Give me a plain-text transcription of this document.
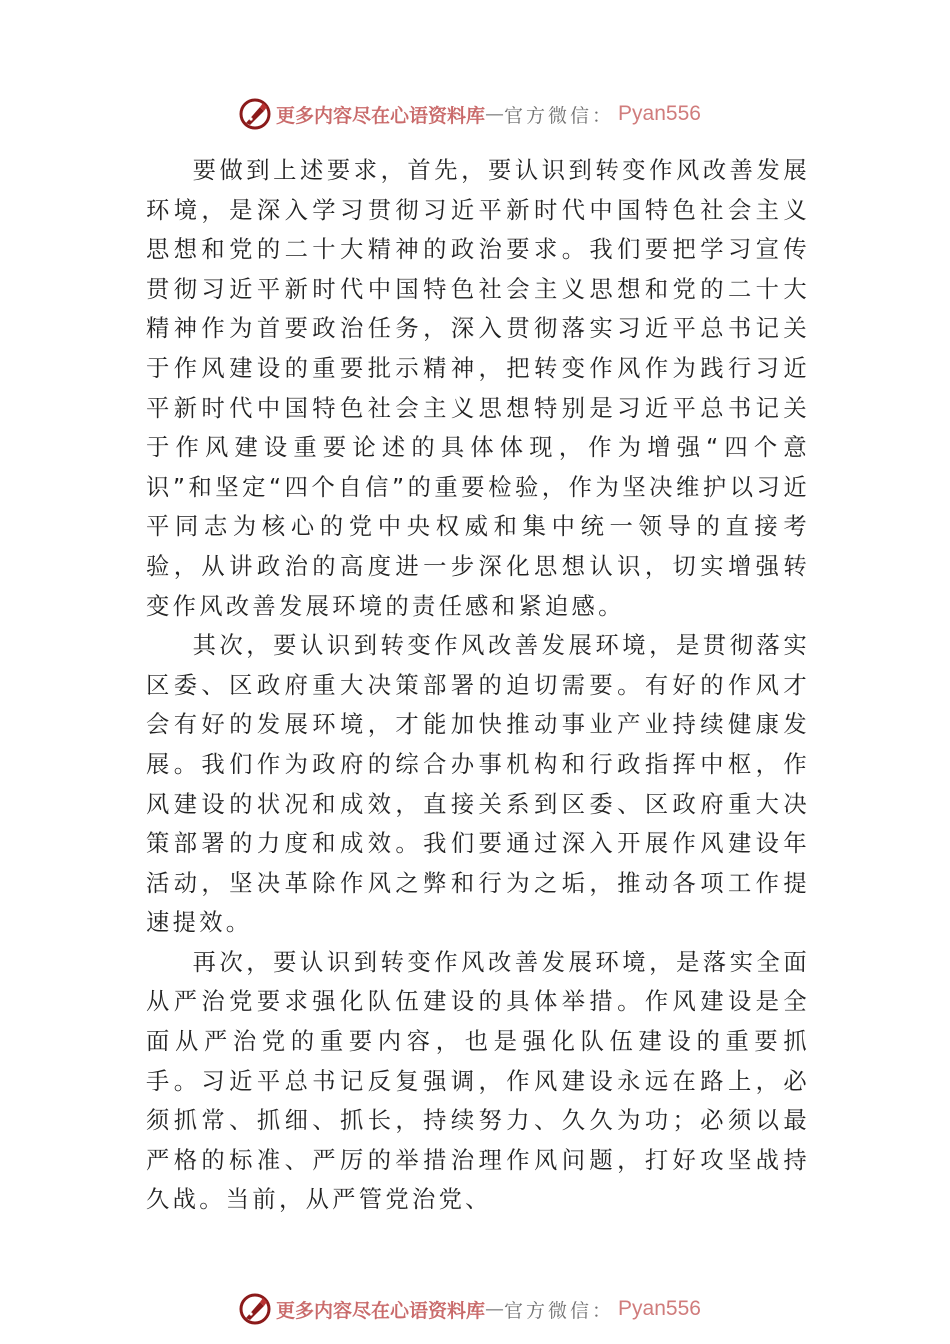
更多内容尽在心语资料库 — 官方微信： Pyan556

要做到上述要求，首先，要认识到转变作风改善发展环境，是深入学习贯彻习近平新时代中国特色社会主义思想和党的二十大精神的政治要求。我们要把学习宣传贯彻习近平新时代中国特色社会主义思想和党的二十大精神作为首要政治任务，深入贯彻落实习近平总书记关于作风建设的重要批示精神，把转变作风作为践行习近平新时代中国特色社会主义思想特别是习近平总书记关于作风建设重要论述的具体体现，作为增强“四个意识”和坚定“四个自信”的重要检验，作为坚决维护以习近平同志为核心的党中央权威和集中统一领导的直接考验，从讲政治的高度进一步深化思想认识，切实增强转变作风改善发展环境的责任感和紧迫感。

其次，要认识到转变作风改善发展环境，是贯彻落实区委、区政府重大决策部署的迫切需要。有好的作风才会有好的发展环境，才能加快推动事业产业持续健康发展。我们作为政府的综合办事机构和行政指挥中枢，作风建设的状况和成效，直接关系到区委、区政府重大决策部署的力度和成效。我们要通过深入开展作风建设年活动，坚决革除作风之弊和行为之垢，推动各项工作提速提效。

再次，要认识到转变作风改善发展环境，是落实全面从严治党要求强化队伍建设的具体举措。作风建设是全面从严治党的重要内容，也是强化队伍建设的重要抓手。习近平总书记反复强调，作风建设永远在路上，必须抓常、抓细、抓长，持续努力、久久为功；必须以最严格的标准、严厉的举措治理作风问题，打好攻坚战持久战。当前，从严管党治党、

更多内容尽在心语资料库 — 官方微信： Pyan556
